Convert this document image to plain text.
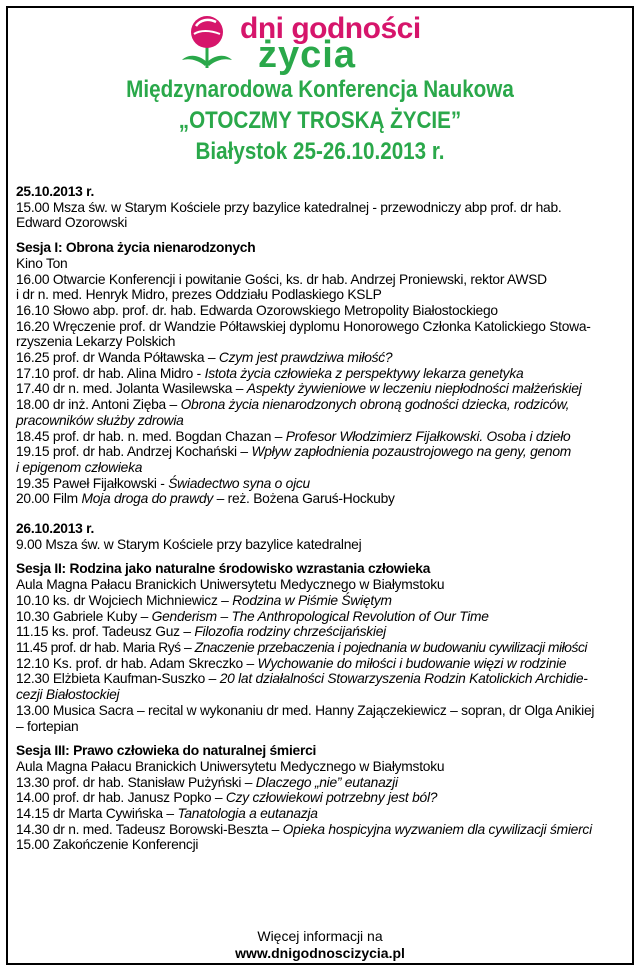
dni godności
życia
Międzynarodowa Konferencja Naukowa
„OTOCZMY TROSKĄ ŻYCIE”
Białystok 25-26.10.2013 r.
25.10.2013 r.
15.00 Msza św. w Starym Kościele przy bazylice katedralnej - przewodniczy abp prof. dr hab.
Edward Ozorowski
Sesja I: Obrona życia nienarodzonych
Kino Ton
16.00 Otwarcie Konferencji i powitanie Gości, ks. dr hab. Andrzej Proniewski, rektor AWSD
i dr n. med. Henryk Midro, prezes Oddziału Podlaskiego KSLP
16.10 Słowo abp. prof. dr. hab. Edwarda Ozorowskiego Metropolity Białostockiego
16.20 Wręczenie prof. dr Wandzie Półtawskiej dyplomu Honorowego Członka Katolickiego Stowa-
rzyszenia Lekarzy Polskich
16.25 prof. dr Wanda Półtawska – Czym jest prawdziwa miłość?
17.10 prof. dr hab. Alina Midro - Istota życia człowieka z perspektywy lekarza genetyka
17.40 dr n. med. Jolanta Wasilewska – Aspekty żywieniowe w leczeniu niepłodności małżeńskiej
18.00 dr inż. Antoni Zięba – Obrona życia nienarodzonych obroną godności dziecka, rodziców,
pracowników służby zdrowia
18.45 prof. dr hab. n. med. Bogdan Chazan – Profesor Włodzimierz Fijałkowski. Osoba i dzieło
19.15 prof. dr hab. Andrzej Kochański – Wpływ zapłodnienia pozaustrojowego na geny, genom
i epigenom człowieka
19.35 Paweł Fijałkowski - Świadectwo syna o ojcu
20.00 Film Moja droga do prawdy – reż. Bożena Garuś-Hockuby
26.10.2013 r.
9.00 Msza św. w Starym Kościele przy bazylice katedralnej
Sesja II: Rodzina jako naturalne środowisko wzrastania człowieka
Aula Magna Pałacu Branickich Uniwersytetu Medycznego w Białymstoku
10.10 ks. dr Wojciech Michniewicz – Rodzina w Piśmie Świętym
10.30 Gabriele Kuby – Genderism – The Anthropological Revolution of Our Time
11.15 ks. prof. Tadeusz Guz – Filozofia rodziny chrześcijańskiej
11.45 prof. dr hab. Maria Ryś – Znaczenie przebaczenia i pojednania w budowaniu cywilizacji miłości
12.10 Ks. prof. dr hab. Adam Skreczko – Wychowanie do miłości i budowanie więzi w rodzinie
12.30 Elżbieta Kaufman-Suszko – 20 lat działalności Stowarzyszenia Rodzin Katolickich Archidie-
cezji Białostockiej
13.00 Musica Sacra – recital w wykonaniu dr med. Hanny Zajączekiewicz – sopran, dr Olga Anikiej
– fortepian
Sesja III: Prawo człowieka do naturalnej śmierci
Aula Magna Pałacu Branickich Uniwersytetu Medycznego w Białymstoku
13.30 prof. dr hab. Stanisław Pużyński – Dlaczego „nie” eutanazji
14.00 prof. dr hab. Janusz Popko – Czy człowiekowi potrzebny jest ból?
14.15 dr Marta Cywińska – Tanatologia a eutanazja
14.30 dr n. med. Tadeusz Borowski-Beszta – Opieka hospicyjna wyzwaniem dla cywilizacji śmierci
15.00 Zakończenie Konferencji
Więcej informacji na
www.dnigodnoscizycia.pl
